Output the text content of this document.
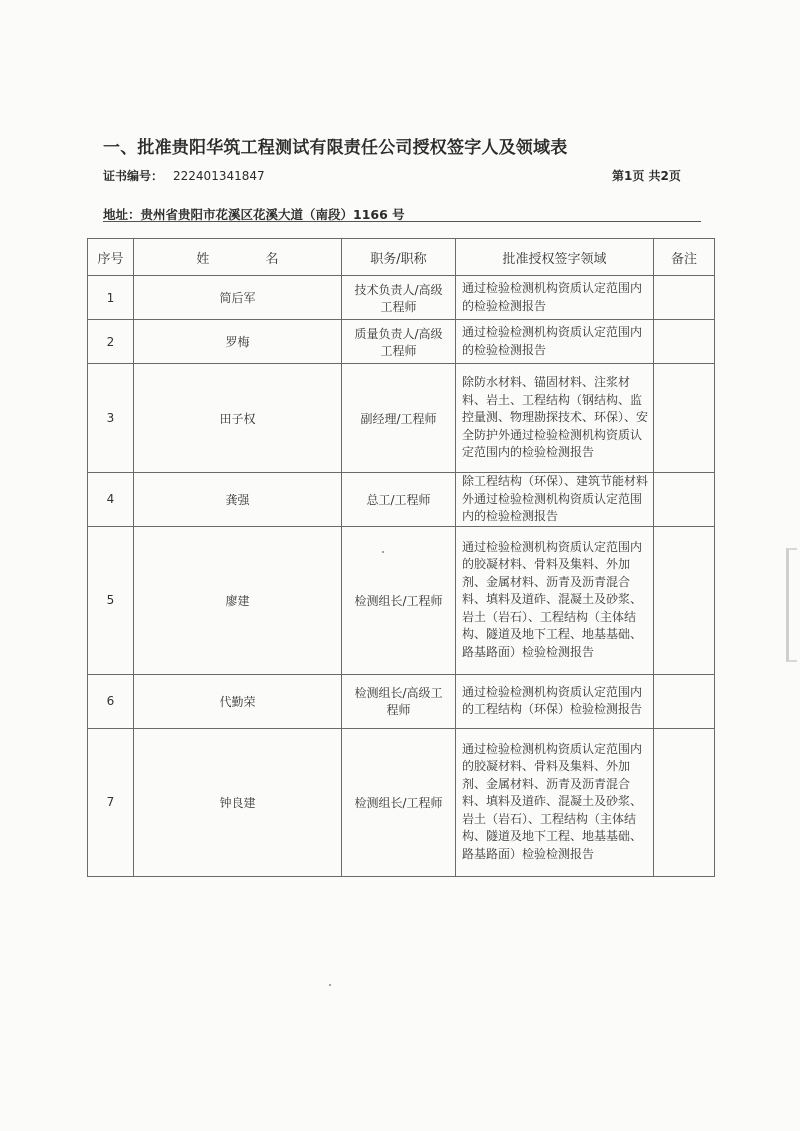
一、批准贵阳华筑工程测试有限责任公司授权签字人及领域表
证书编号： 222401341847	第1页 共2页
地址：贵州省贵阳市花溪区花溪大道（南段）1166 号
序号	姓 名	职务/职称	批准授权签字领域	备注
1	简后军	技术负责人/高级工程师	通过检验检测机构资质认定范围内的检验检测报告	
2	罗梅	质量负责人/高级工程师	通过检验检测机构资质认定范围内的检验检测报告	
3	田子权	副经理/工程师	除防水材料、锚固材料、注浆材料、岩土、工程结构（钢结构、监控量测、物理勘探技术、环保）、安全防护外通过检验检测机构资质认定范围内的检验检测报告	
4	龚强	总工/工程师	除工程结构（环保）、建筑节能材料外通过检验检测机构资质认定范围内的检验检测报告	
5	廖建	检测组长/工程师	通过检验检测机构资质认定范围内的胶凝材料、骨料及集料、外加剂、金属材料、沥青及沥青混合料、填料及道砟、混凝土及砂浆、岩土（岩石）、工程结构（主体结构、隧道及地下工程、地基基础、路基路面）检验检测报告	
6	代勤荣	检测组长/高级工程师	通过检验检测机构资质认定范围内的工程结构（环保）检验检测报告	
7	钟良建	检测组长/工程师	通过检验检测机构资质认定范围内的胶凝材料、骨料及集料、外加剂、金属材料、沥青及沥青混合料、填料及道砟、混凝土及砂浆、岩土（岩石）、工程结构（主体结构、隧道及地下工程、地基基础、路基路面）检验检测报告	
